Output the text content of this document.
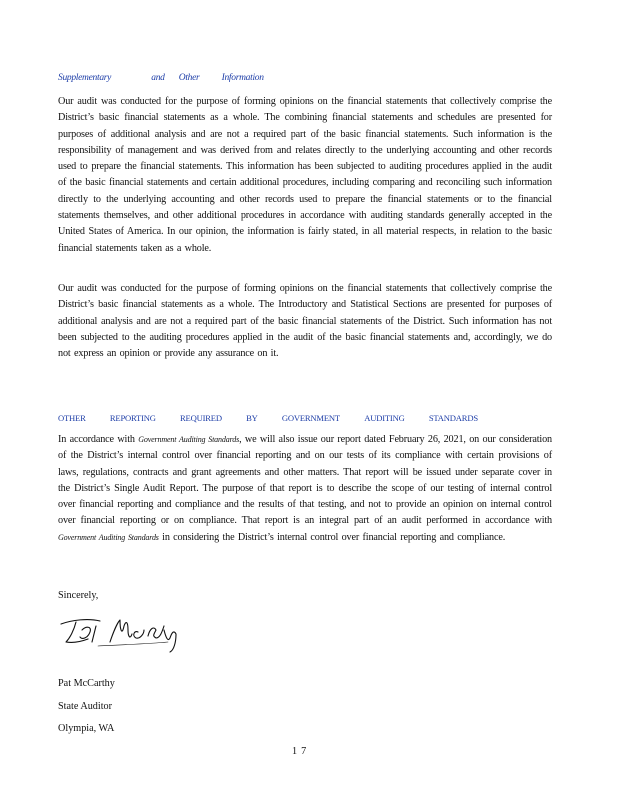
Supplementary	and Other Information
Our audit was conducted for the purpose of forming opinions on the financial statements that collectively comprise the District’s basic financial statements as a whole. The combining financial statements and schedules are presented for purposes of additional analysis and are not a required part of the basic financial statements. Such information is the responsibility of management and was derived from and relates directly to the underlying accounting and other records used to prepare the financial statements. This information has been subjected to auditing procedures applied in the audit of the basic financial statements and certain additional procedures, including comparing and reconciling such information directly to the underlying accounting and other records used to prepare the financial statements or to the financial statements themselves, and other additional procedures in accordance with auditing standards generally accepted in the United States of America. In our opinion, the information is fairly stated, in all material respects, in relation to the basic financial statements taken as a whole.
Our audit was conducted for the purpose of forming opinions on the financial statements that collectively comprise the District’s basic financial statements as a whole. The Introductory and Statistical Sections are presented for purposes of additional analysis and are not a required part of the basic financial statements of the District. Such information has not been subjected to the auditing procedures applied in the audit of the basic financial statements and, accordingly, we do not express an opinion or provide any assurance on it.
OTHER	REPORTING	REQUIRED	BY	GOVERNMENT	AUDITING	STANDARDS
In accordance with Government Auditing Standards, we will also issue our report dated February 26, 2021, on our consideration of the District’s internal control over financial reporting and on our tests of its compliance with certain provisions of laws, regulations, contracts and grant agreements and other matters. That report will be issued under separate cover in the District’s Single Audit Report. The purpose of that report is to describe the scope of our testing of internal control over financial reporting and compliance and the results of that testing, and not to provide an opinion on internal control over financial reporting or on compliance. That report is an integral part of an audit performed in accordance with Government Auditing Standards in considering the District’s internal control over financial reporting and compliance.
Sincerely,
Pat McCarthy
State Auditor
Olympia, WA
17
